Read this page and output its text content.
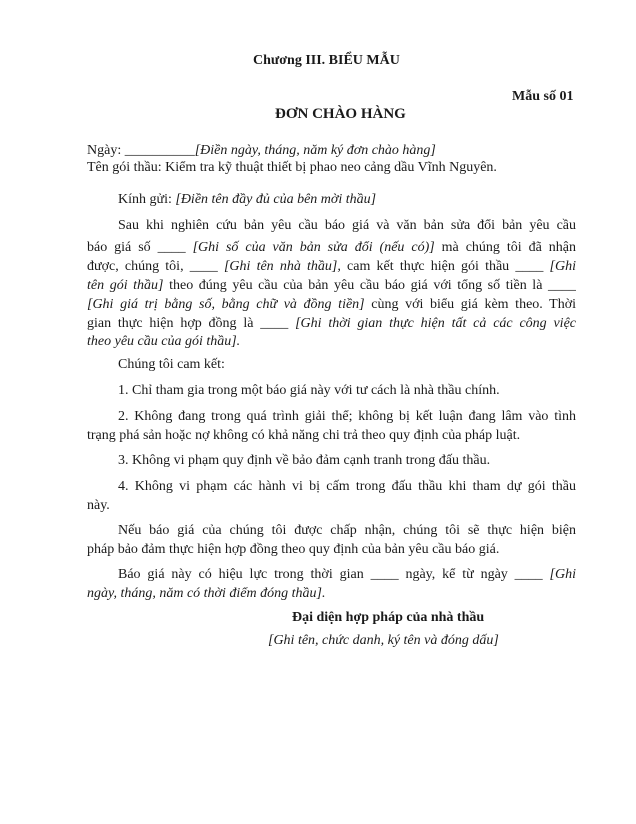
Chương III. BIỂU MẪU
Mẫu số 01
ĐƠN CHÀO HÀNG
Ngày: __________[Điền ngày, tháng, năm ký đơn chào hàng]
Tên gói thầu: Kiểm tra kỹ thuật thiết bị phao neo cảng dầu Vĩnh Nguyên.
Kính gửi: [Điền tên đầy đủ của bên mời thầu]
Sau khi nghiên cứu bản yêu cầu báo giá và văn bản sửa đổi bản yêu cầu
báo giá số ____ [Ghi số của văn bản sửa đổi (nếu có)] mà chúng tôi đã nhận
được, chúng tôi, ____ [Ghi tên nhà thầu], cam kết thực hiện gói thầu ____ [Ghi
tên gói thầu] theo đúng yêu cầu của bản yêu cầu báo giá với tổng số tiền là ____
[Ghi giá trị bằng số, bằng chữ và đồng tiền] cùng với biểu giá kèm theo. Thời
gian thực hiện hợp đồng là ____ [Ghi thời gian thực hiện tất cả các công việc
theo yêu cầu của gói thầu].
Chúng tôi cam kết:
1. Chỉ tham gia trong một báo giá này với tư cách là nhà thầu chính.
2. Không đang trong quá trình giải thể; không bị kết luận đang lâm vào tình
trạng phá sản hoặc nợ không có khả năng chi trả theo quy định của pháp luật.
3. Không vi phạm quy định về bảo đảm cạnh tranh trong đấu thầu.
4. Không vi phạm các hành vi bị cấm trong đấu thầu khi tham dự gói thầu
này.
Nếu báo giá của chúng tôi được chấp nhận, chúng tôi sẽ thực hiện biện
pháp bảo đảm thực hiện hợp đồng theo quy định của bản yêu cầu báo giá.
Báo giá này có hiệu lực trong thời gian ____ ngày, kể từ ngày ____ [Ghi
ngày, tháng, năm có thời điểm đóng thầu].
Đại diện hợp pháp của nhà thầu
[Ghi tên, chức danh, ký tên và đóng dấu]
